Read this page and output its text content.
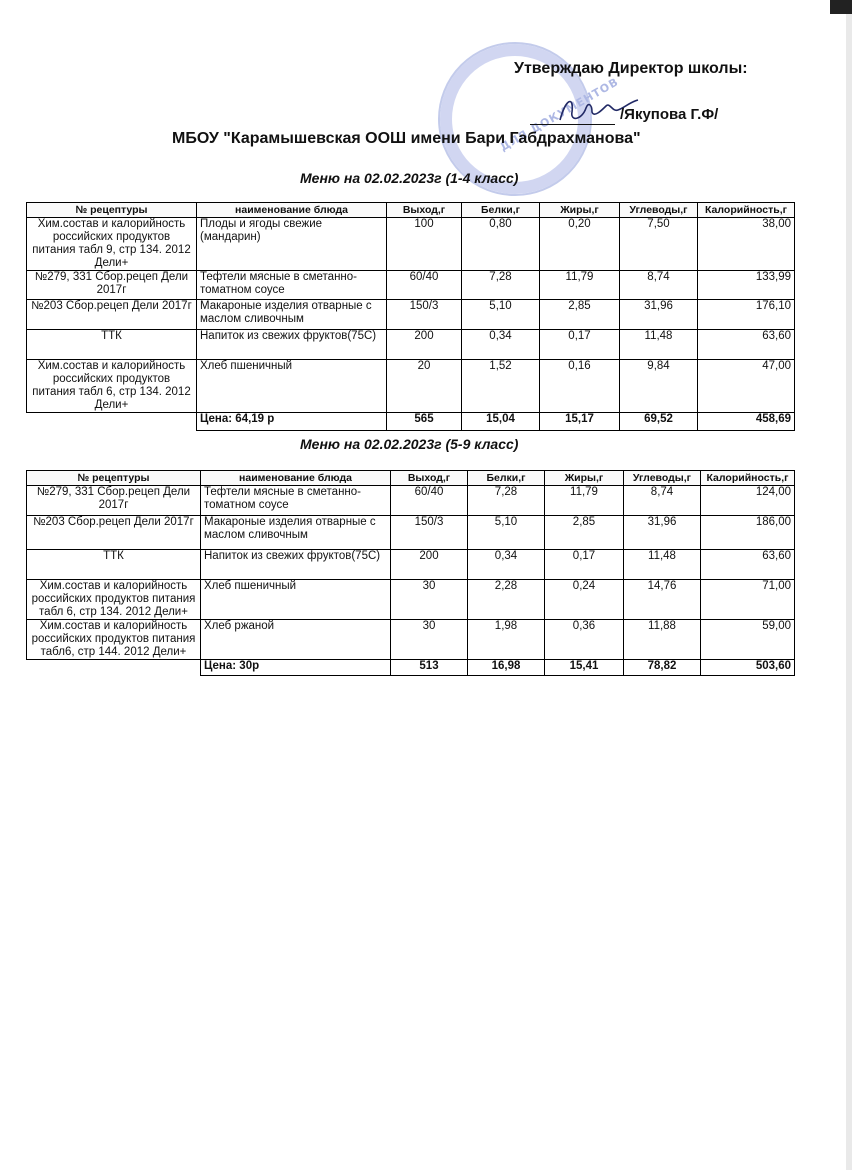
ДЛЯ ДОКУМЕНТОВ
Утверждаю Директор школы:
/Якупова Г.Ф/
МБОУ "Карамышевская ООШ имени Бари Габдрахманова"
Меню на 02.02.2023г (1-4 класс)
№ рецептуры	наименование блюда	Выход,г	Белки,г	Жиры,г	Углеводы,г	Калорийность,г
Хим.состав и калорийность российских продуктов питания табл 9, стр 134. 2012 Дели+	Плоды и ягоды свежие (мандарин)	100	0,80	0,20	7,50	38,00
№279, 331 Сбор.рецеп Дели 2017г	Тефтели мясные в сметанно-томатном соусе	60/40	7,28	11,79	8,74	133,99
№203 Сбор.рецеп Дели 2017г	Макароные изделия отварные с маслом сливочным	150/3	5,10	2,85	31,96	176,10
ТТК	Напиток из свежих фруктов(75С)	200	0,34	0,17	11,48	63,60
Хим.состав и калорийность российских продуктов питания табл 6, стр 134. 2012 Дели+	Хлеб пшеничный	20	1,52	0,16	9,84	47,00
	Цена: 64,19 р	565	15,04	15,17	69,52	458,69
Меню на 02.02.2023г (5-9 класс)
№ рецептуры	наименование блюда	Выход,г	Белки,г	Жиры,г	Углеводы,г	Калорийность,г
№279, 331 Сбор.рецеп Дели 2017г	Тефтели мясные в сметанно-томатном соусе	60/40	7,28	11,79	8,74	124,00
№203 Сбор.рецеп Дели 2017г	Макароные изделия отварные с маслом сливочным	150/3	5,10	2,85	31,96	186,00
ТТК	Напиток из свежих фруктов(75С)	200	0,34	0,17	11,48	63,60
Хим.состав и калорийность российских продуктов питания табл 6, стр 134. 2012 Дели+	Хлеб пшеничный	30	2,28	0,24	14,76	71,00
Хим.состав и калорийность российских продуктов питания табл6, стр 144. 2012 Дели+	Хлеб ржаной	30	1,98	0,36	11,88	59,00
	Цена: 30р	513	16,98	15,41	78,82	503,60
